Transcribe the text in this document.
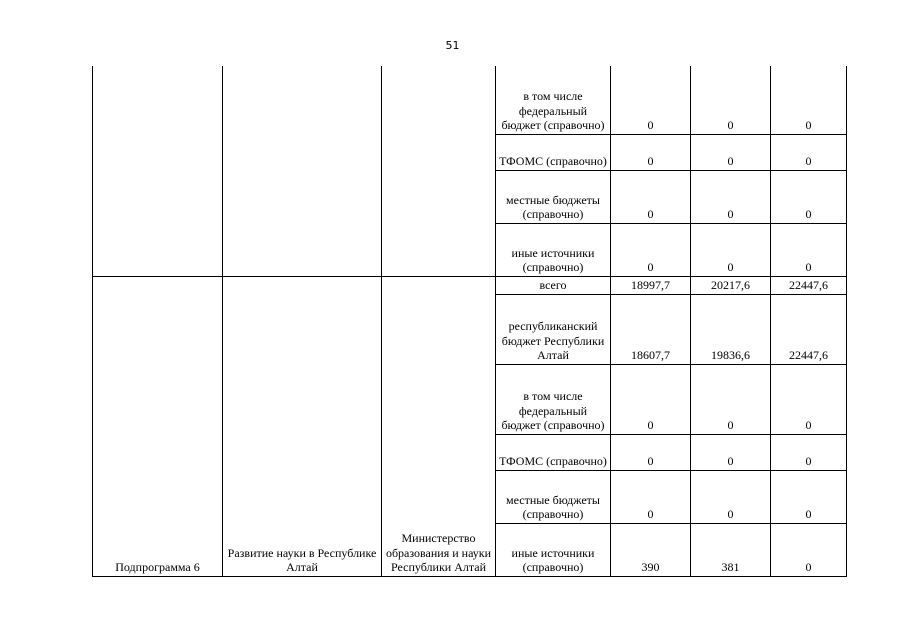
51
			в том числе федеральный бюджет (справочно)	0	0	0
			ТФОМС (справочно)	0	0	0
			местные бюджеты (справочно)	0	0	0
			иные источники (справочно)	0	0	0
Подпрограмма 6	Развитие науки в Республике Алтай	Министерство образования и науки Республики Алтай	всего	18997,7	20217,6	22447,6
			республиканский бюджет Республики Алтай	18607,7	19836,6	22447,6
			в том числе федеральный бюджет (справочно)	0	0	0
			ТФОМС (справочно)	0	0	0
			местные бюджеты (справочно)	0	0	0
			иные источники (справочно)	390	381	0
